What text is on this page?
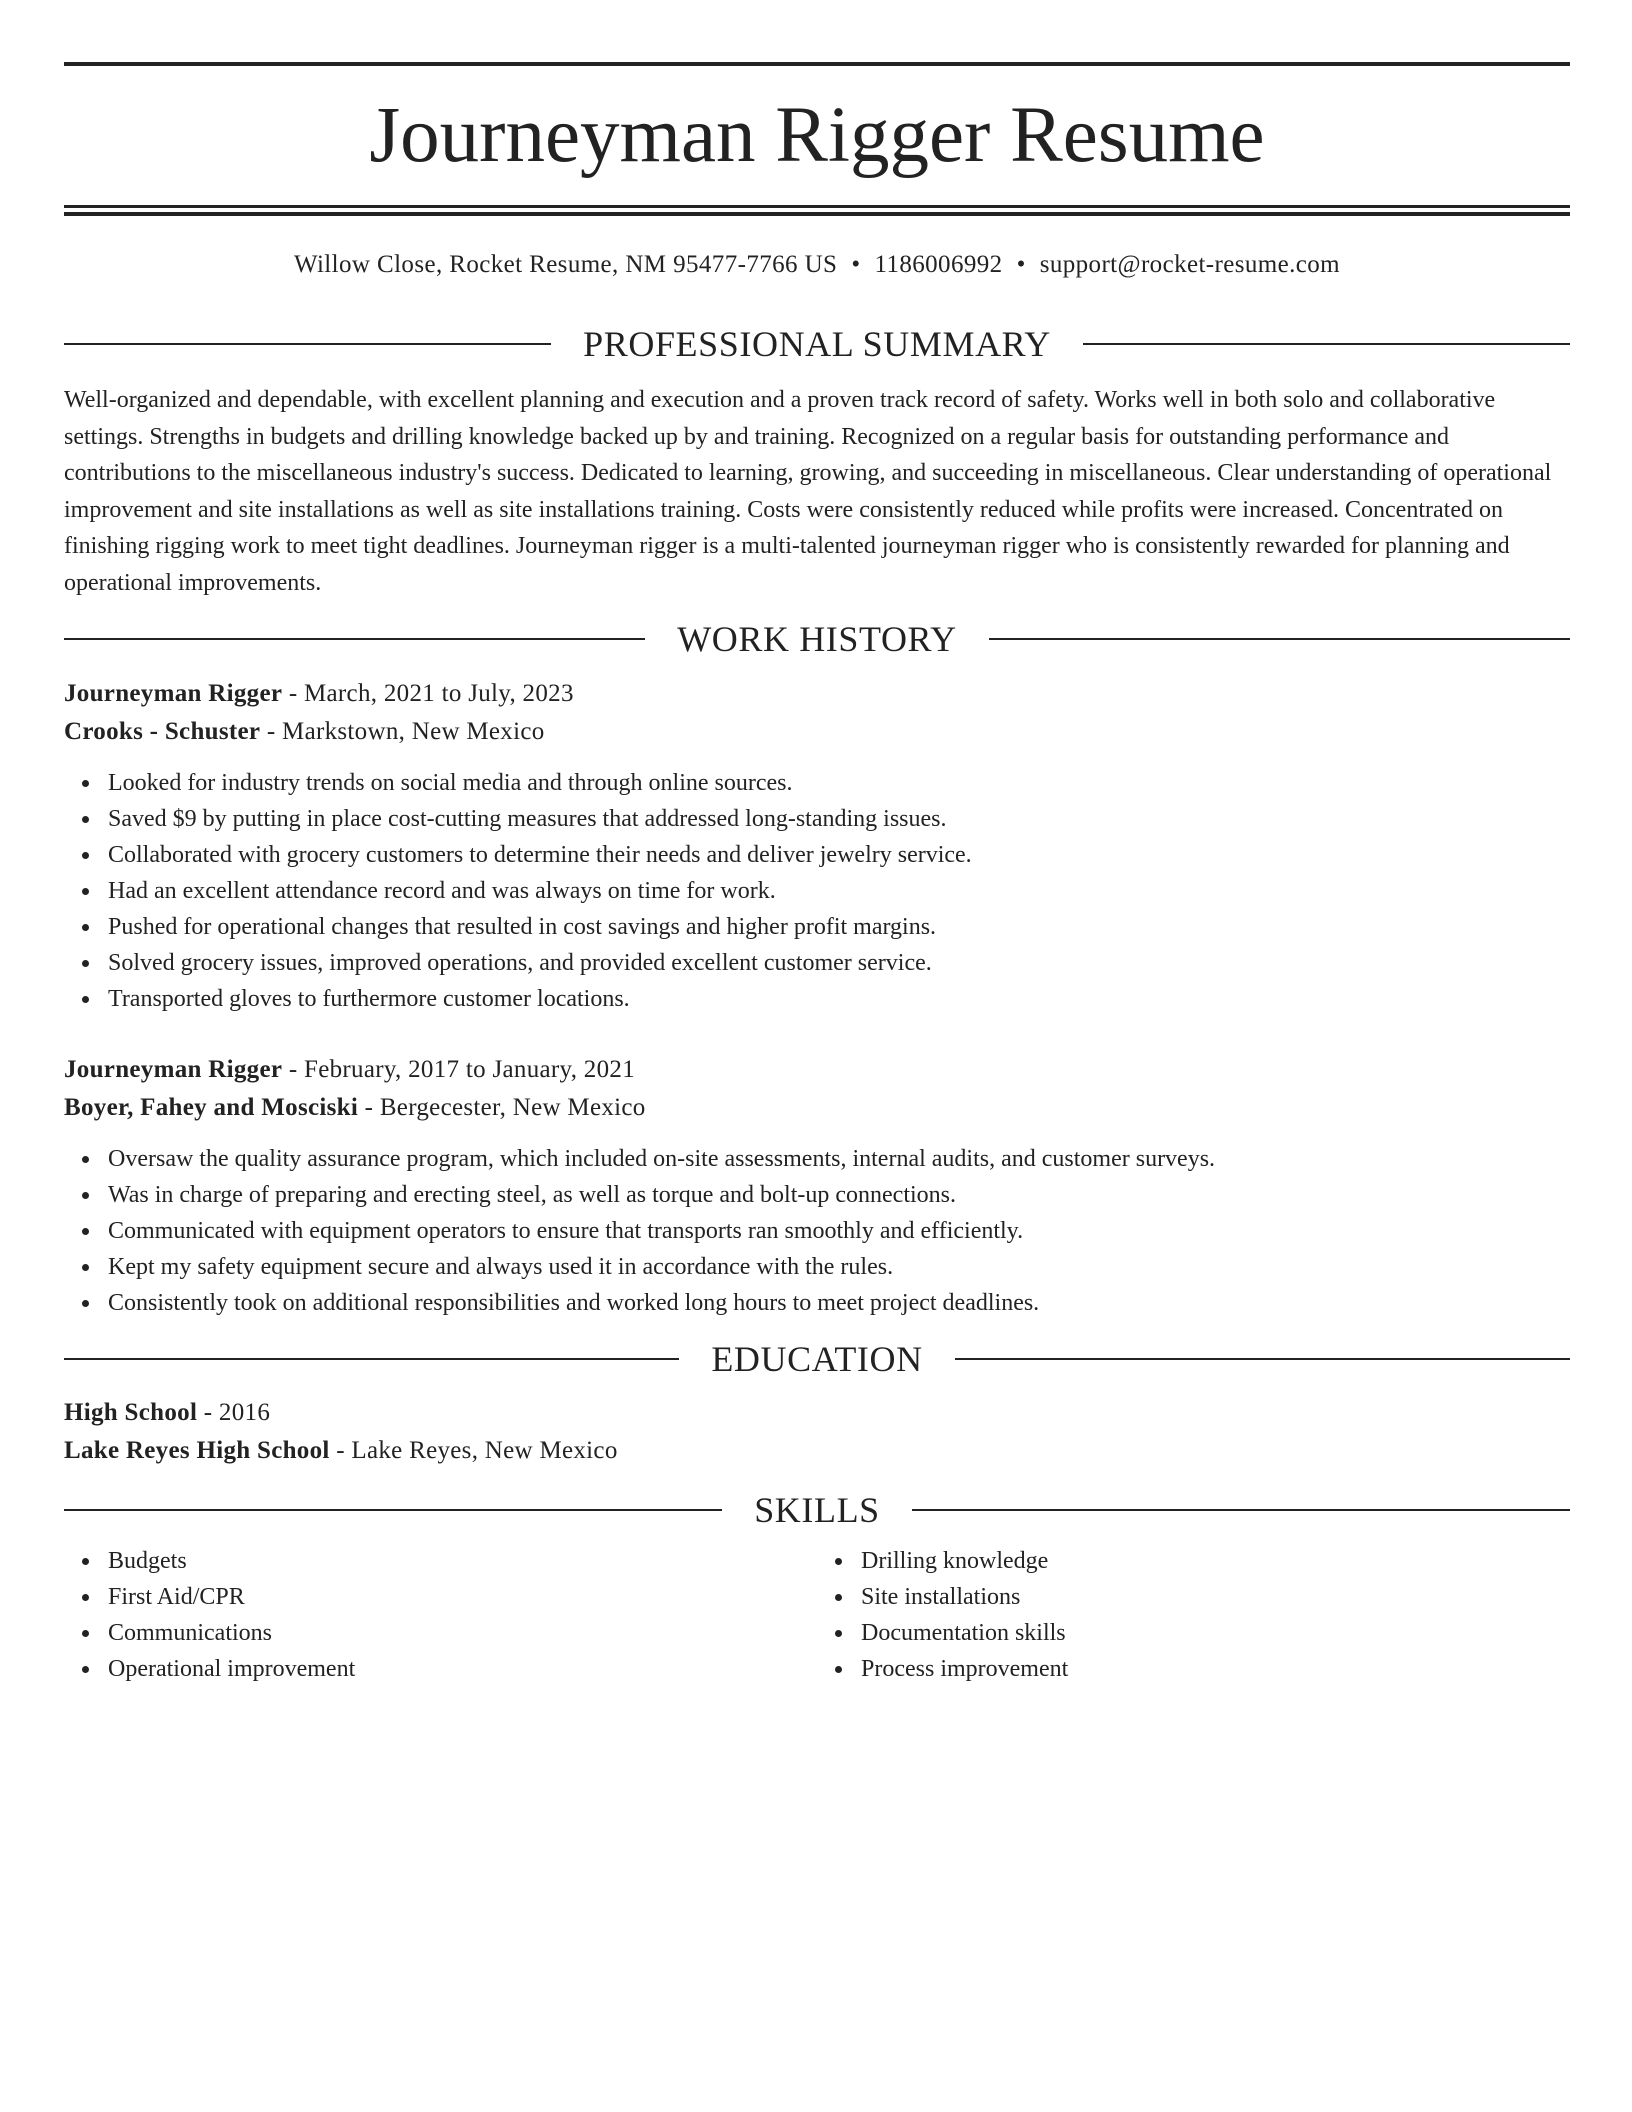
Journeyman Rigger Resume
Willow Close, Rocket Resume, NM 95477-7766 US • 1186006992 • support@rocket-resume.com
PROFESSIONAL SUMMARY

Well-organized and dependable, with excellent planning and execution and a proven track record of safety. Works well in both solo and collaborative settings. Strengths in budgets and drilling knowledge backed up by and training. Recognized on a regular basis for outstanding performance and contributions to the miscellaneous industry's success. Dedicated to learning, growing, and succeeding in miscellaneous. Clear understanding of operational improvement and site installations as well as site installations training. Costs were consistently reduced while profits were increased. Concentrated on finishing rigging work to meet tight deadlines. Journeyman rigger is a multi-talented journeyman rigger who is consistently rewarded for planning and operational improvements.

WORK HISTORY
Journeyman Rigger - March, 2021 to July, 2023
Crooks - Schuster - Markstown, New Mexico
Looked for industry trends on social media and through online sources.
Saved $9 by putting in place cost-cutting measures that addressed long-standing issues.
Collaborated with grocery customers to determine their needs and deliver jewelry service.
Had an excellent attendance record and was always on time for work.
Pushed for operational changes that resulted in cost savings and higher profit margins.
Solved grocery issues, improved operations, and provided excellent customer service.
Transported gloves to furthermore customer locations.
Journeyman Rigger - February, 2017 to January, 2021
Boyer, Fahey and Mosciski - Bergecester, New Mexico
Oversaw the quality assurance program, which included on-site assessments, internal audits, and customer surveys.
Was in charge of preparing and erecting steel, as well as torque and bolt-up connections.
Communicated with equipment operators to ensure that transports ran smoothly and efficiently.
Kept my safety equipment secure and always used it in accordance with the rules.
Consistently took on additional responsibilities and worked long hours to meet project deadlines.
EDUCATION
High School - 2016
Lake Reyes High School - Lake Reyes, New Mexico
SKILLS
Budgets
First Aid/CPR
Communications
Operational improvement
Drilling knowledge
Site installations
Documentation skills
Process improvement
